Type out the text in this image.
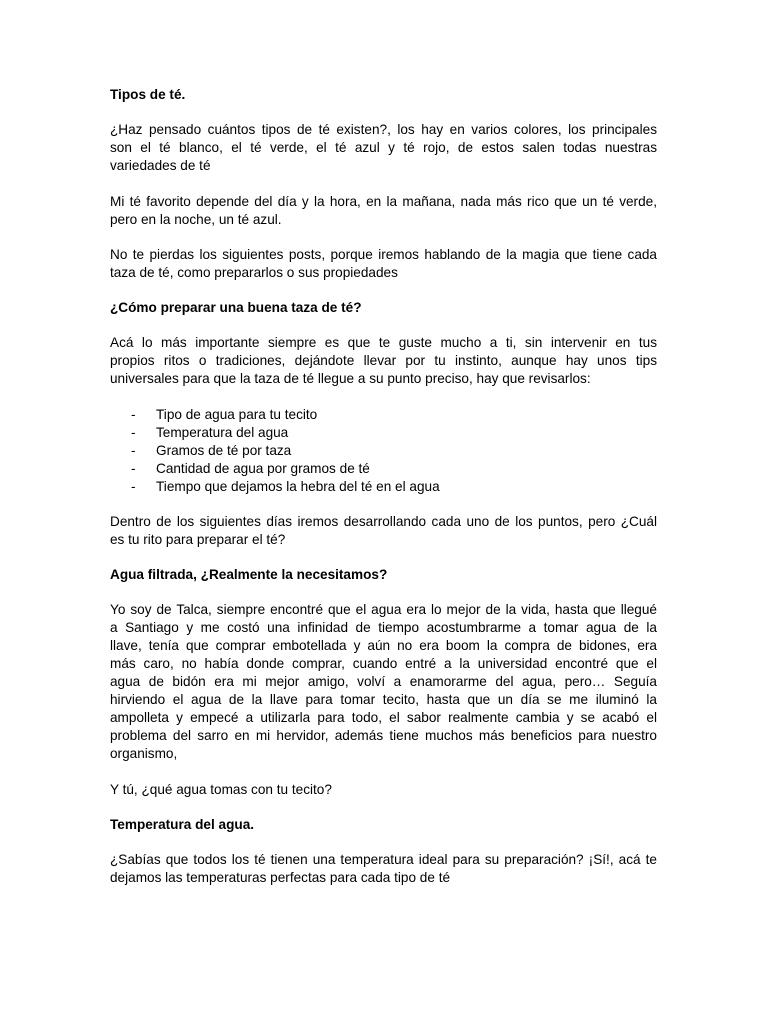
Tipos de té.
¿Haz pensado cuántos tipos de té existen?, los hay en varios colores, los principales
son el té blanco, el té verde, el té azul y té rojo, de estos salen todas nuestras
variedades de té
Mi té favorito depende del día y la hora, en la mañana, nada más rico que un té verde,
pero en la noche, un té azul.
No te pierdas los siguientes posts, porque iremos hablando de la magia que tiene cada
taza de té, como prepararlos o sus propiedades
¿Cómo preparar una buena taza de té?
Acá lo más importante siempre es que te guste mucho a ti, sin intervenir en tus
propios ritos o tradiciones, dejándote llevar por tu instinto, aunque hay unos tips
universales para que la taza de té llegue a su punto preciso, hay que revisarlos:
- Tipo de agua para tu tecito
- Temperatura del agua
- Gramos de té por taza
- Cantidad de agua por gramos de té
- Tiempo que dejamos la hebra del té en el agua
Dentro de los siguientes días iremos desarrollando cada uno de los puntos, pero ¿Cuál
es tu rito para preparar el té?
Agua filtrada, ¿Realmente la necesitamos?
Yo soy de Talca, siempre encontré que el agua era lo mejor de la vida, hasta que llegué
a Santiago y me costó una infinidad de tiempo acostumbrarme a tomar agua de la
llave, tenía que comprar embotellada y aún no era boom la compra de bidones, era
más caro, no había donde comprar, cuando entré a la universidad encontré que el
agua de bidón era mi mejor amigo, volví a enamorarme del agua, pero… Seguía
hirviendo el agua de la llave para tomar tecito, hasta que un día se me iluminó la
ampolleta y empecé a utilizarla para todo, el sabor realmente cambia y se acabó el
problema del sarro en mi hervidor, además tiene muchos más beneficios para nuestro
organismo,
Y tú, ¿qué agua tomas con tu tecito?
Temperatura del agua.
¿Sabías que todos los té tienen una temperatura ideal para su preparación? ¡Sí!, acá te
dejamos las temperaturas perfectas para cada tipo de té
